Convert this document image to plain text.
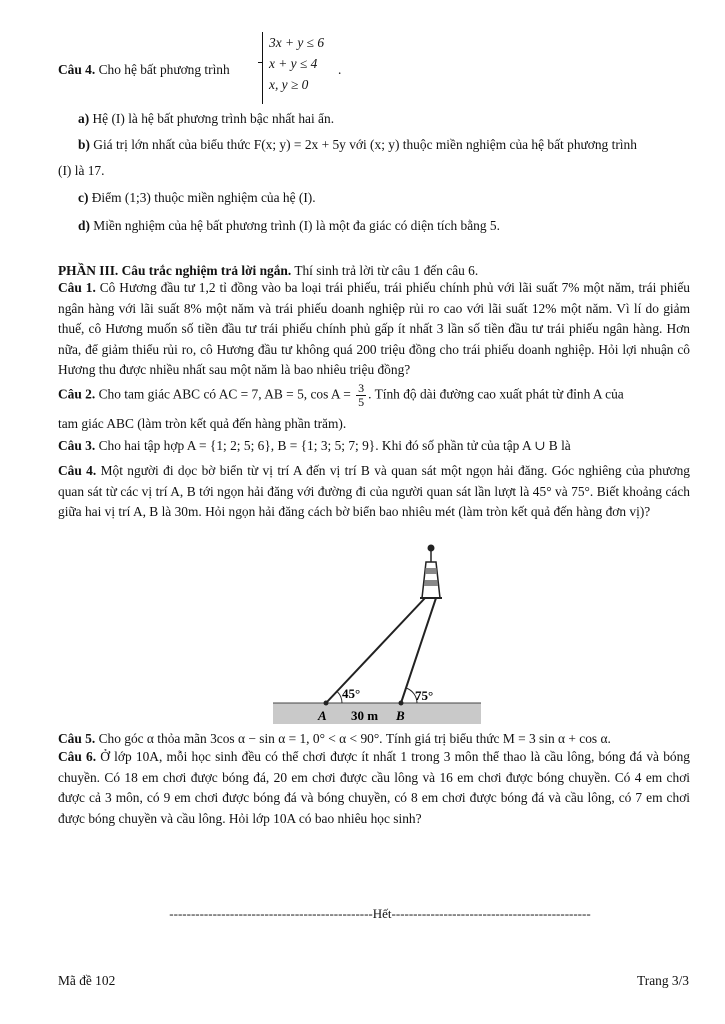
Câu 4. Cho hệ bất phương trình

3x + y ≤ 6
x + y ≤ 4
x, y ≥ 0
.

a) Hệ (I) là hệ bất phương trình bậc nhất hai ẩn.

b) Giá trị lớn nhất của biểu thức F(x; y) = 2x + 5y với (x; y) thuộc miền nghiệm của hệ bất phương trình

(I) là 17.

c) Điểm (1;3) thuộc miền nghiệm của hệ (I).

d) Miền nghiệm của hệ bất phương trình (I) là một đa giác có diện tích bằng 5.

PHẦN III. Câu trắc nghiệm trả lời ngắn. Thí sinh trả lời từ câu 1 đến câu 6.

Câu 1. Cô Hương đầu tư 1,2 tỉ đồng vào ba loại trái phiếu, trái phiếu chính phủ với lãi suất 7% một năm, trái phiếu ngân hàng với lãi suất 8% một năm và trái phiếu doanh nghiệp rủi ro cao với lãi suất 12% một năm. Vì lí do giảm thuế, cô Hương muốn số tiền đầu tư trái phiếu chính phủ gấp ít nhất 3 lần số tiền đầu tư trái phiếu ngân hàng. Hơn nữa, để giảm thiểu rủi ro, cô Hương đầu tư không quá 200 triệu đồng cho trái phiếu doanh nghiệp. Hỏi lợi nhuận cô Hương thu được nhiều nhất sau một năm là bao nhiêu triệu đồng?

Câu 2. Cho tam giác ABC có AC = 7, AB = 5, $\cos A = \frac{3}{5}$ . Tính độ dài đường cao xuất phát từ đỉnh A của

tam giác ABC (làm tròn kết quả đến hàng phần trăm).

Câu 3. Cho hai tập hợp A = {1; 2; 5; 6}, B = {1; 3; 5; 7; 9}. Khi đó số phần tử của tập A ∪ B là

Câu 4. Một người đi dọc bờ biển từ vị trí A đến vị trí B và quan sát một ngọn hải đăng. Góc nghiêng của phương quan sát từ các vị trí A, B tới ngọn hải đăng với đường đi của người quan sát lần lượt là 45° và 75°. Biết khoảng cách giữa hai vị trí A, B là 30m. Hỏi ngọn hải đăng cách bờ biển bao nhiêu mét (làm tròn kết quả đến hàng đơn vị)?

45°	75°
A 30 m B

Câu 5. Cho góc α thỏa mãn 3cos α − sin α = 1, 0° < α < 90°. Tính giá trị biểu thức M = 3 sin α + cos α.

Câu 6. Ở lớp 10A, mỗi học sinh đều có thể chơi được ít nhất 1 trong 3 môn thể thao là cầu lông, bóng đá và bóng chuyền. Có 18 em chơi được bóng đá, 20 em chơi được cầu lông và 16 em chơi được bóng chuyền. Có 4 em chơi được cả 3 môn, có 9 em chơi được bóng đá và bóng chuyền, có 8 em chơi được bóng đá và cầu lông, có 7 em chơi được bóng chuyền và cầu lông. Hỏi lớp 10A có bao nhiêu học sinh?

-----------------------------------------------Hết----------------------------------------------
Mã đề 102	Trang 3/3
